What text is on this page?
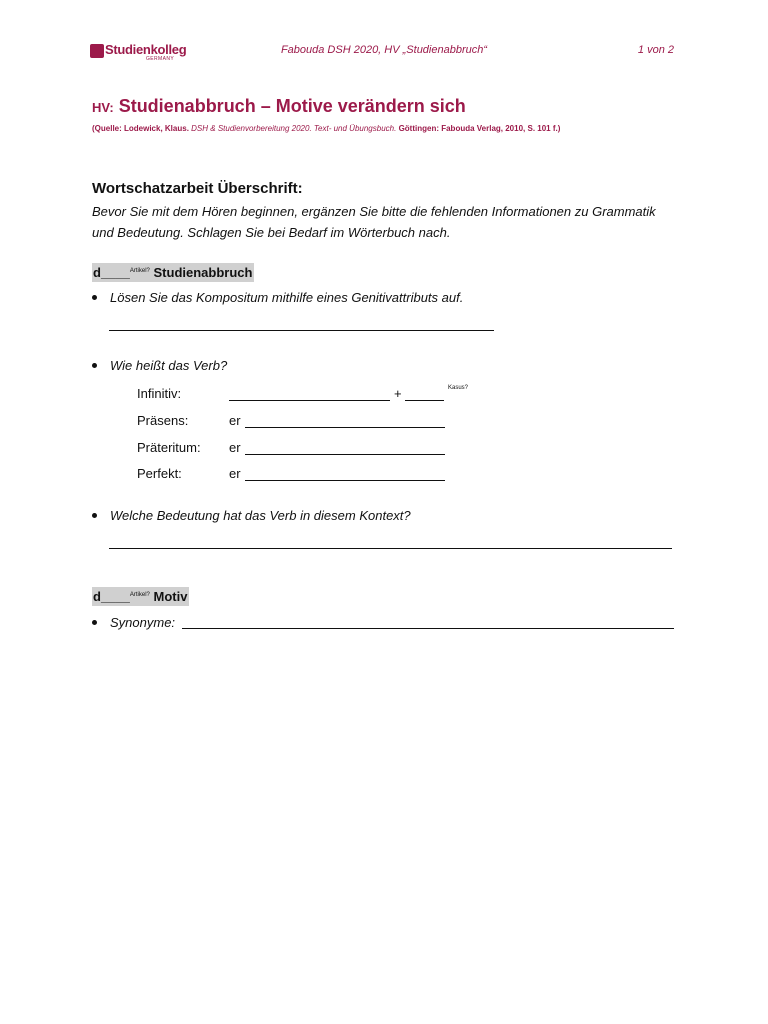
Studienkolleg
GERMANY
Fabouda DSH 2020, HV „Studienabbruch“	1 von 2
HV: Studienabbruch – Motive verändern sich
(Quelle: Lodewick, Klaus. DSH & Studienvorbereitung 2020. Text- und Übungsbuch. Göttingen: Fabouda Verlag, 2010, S. 101 f.)
Wortschatzarbeit Überschrift:
Bevor Sie mit dem Hören beginnen, ergänzen Sie bitte die fehlenden Informationen zu Grammatik und Bedeutung. Schlagen Sie bei Bedarf im Wörterbuch nach.
d____$^{Artikel?}$ Studienabbruch
Lösen Sie das Kompositum mithilfe eines Genitivattributs auf.
Wie heißt das Verb?
Infinitiv:	+	Kasus?
Präsens:	er
Präteritum: er
Perfekt:	er
Welche Bedeutung hat das Verb in diesem Kontext?
d____$^{Artikel?}$ Motiv
Synonyme:
